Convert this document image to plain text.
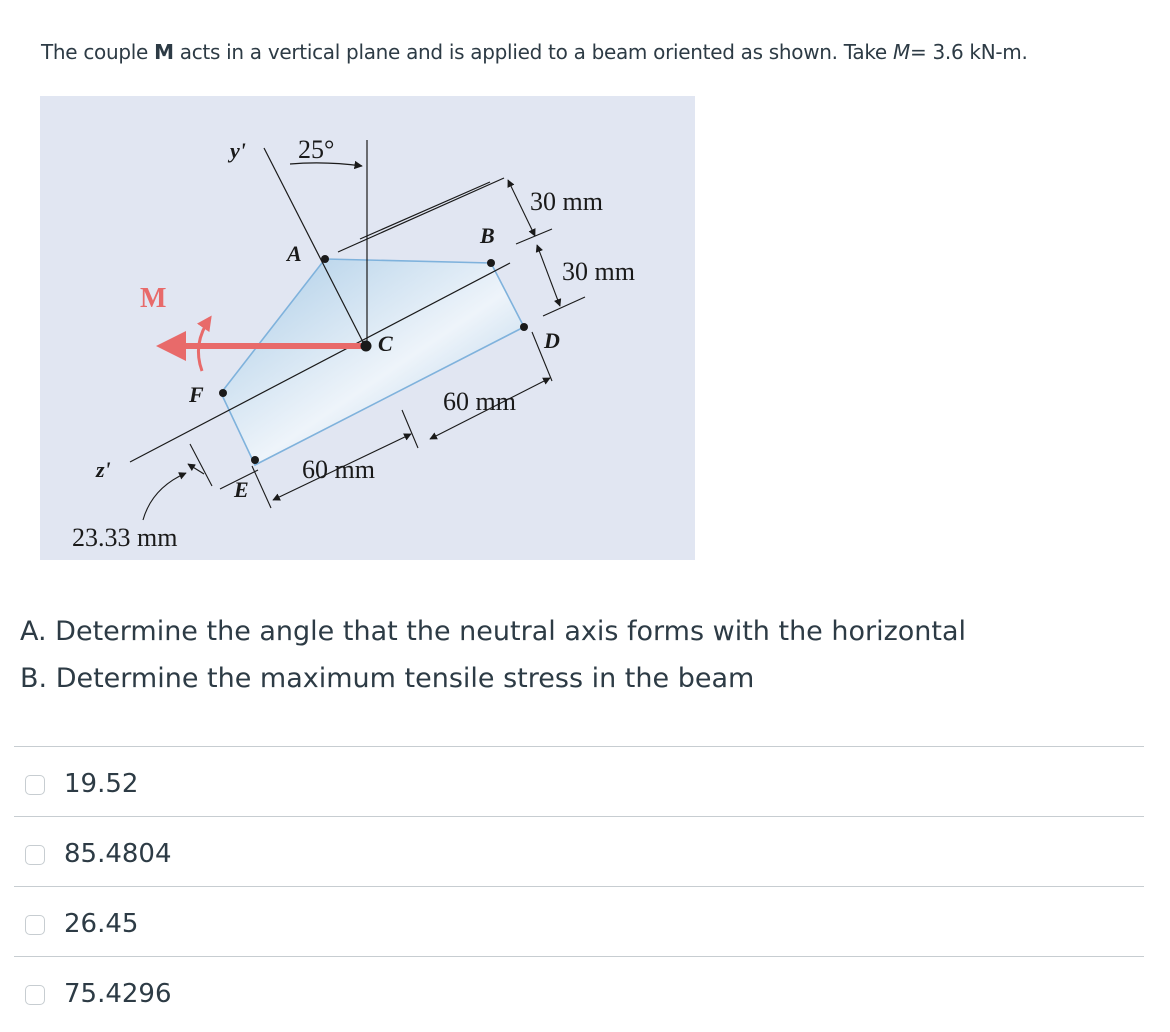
The couple M acts in a vertical plane and is applied to a beam oriented as shown. Take M= 3.6 kN-m.
y' 25°
30 mm
B
A
30 mm
M
C	D
F	60 mm
z'	60 mm
E
23.33 mm
A. Determine the angle that the neutral axis forms with the horizontal
B. Determine the maximum tensile stress in the beam
19.52
85.4804
26.45
75.4296
